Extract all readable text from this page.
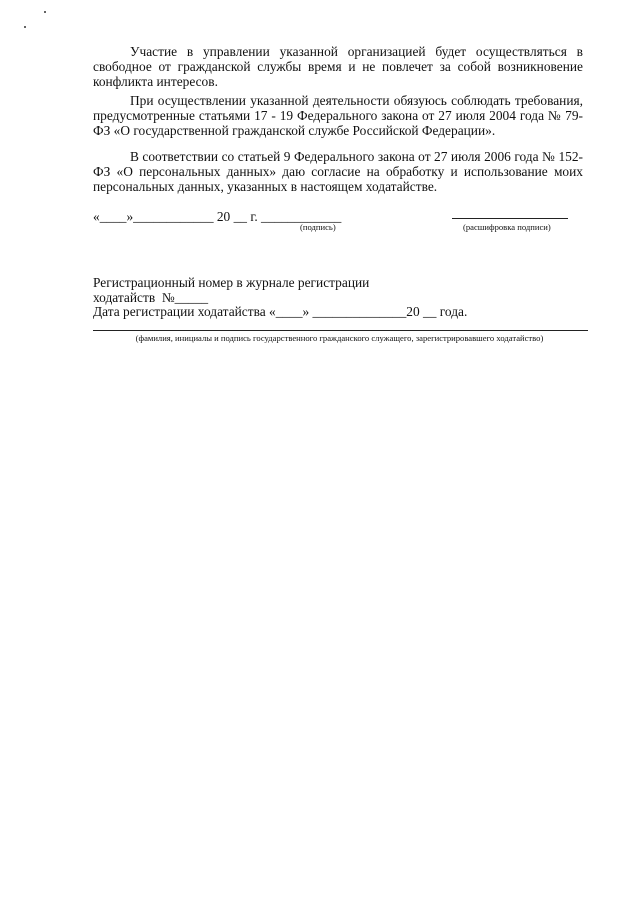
Участие в управлении указанной организацией будет осуществляться в свободное от гражданской службы время и не повлечет за собой возникновение конфликта интересов.

При осуществлении указанной деятельности обязуюсь соблюдать требования, предусмотренные статьями 17 - 19 Федерального закона от 27 июля 2004 года № 79-ФЗ «О государственной гражданской службе Российской Федерации».

В соответствии со статьей 9 Федерального закона от 27 июля 2006 года № 152-ФЗ «О персональных данных» даю согласие на обработку и использование моих персональных данных, указанных в настоящем ходатайстве.

«____»____________ 20 __ г. ____________

(подпись)	(расшифровка подписи)

Регистрационный номер в журнале регистрации

ходатайств  №_____

Дата регистрации ходатайства «____» ______________20 __ года.

(фамилия, инициалы и подпись государственного гражданского служащего, зарегистрировавшего ходатайство)
